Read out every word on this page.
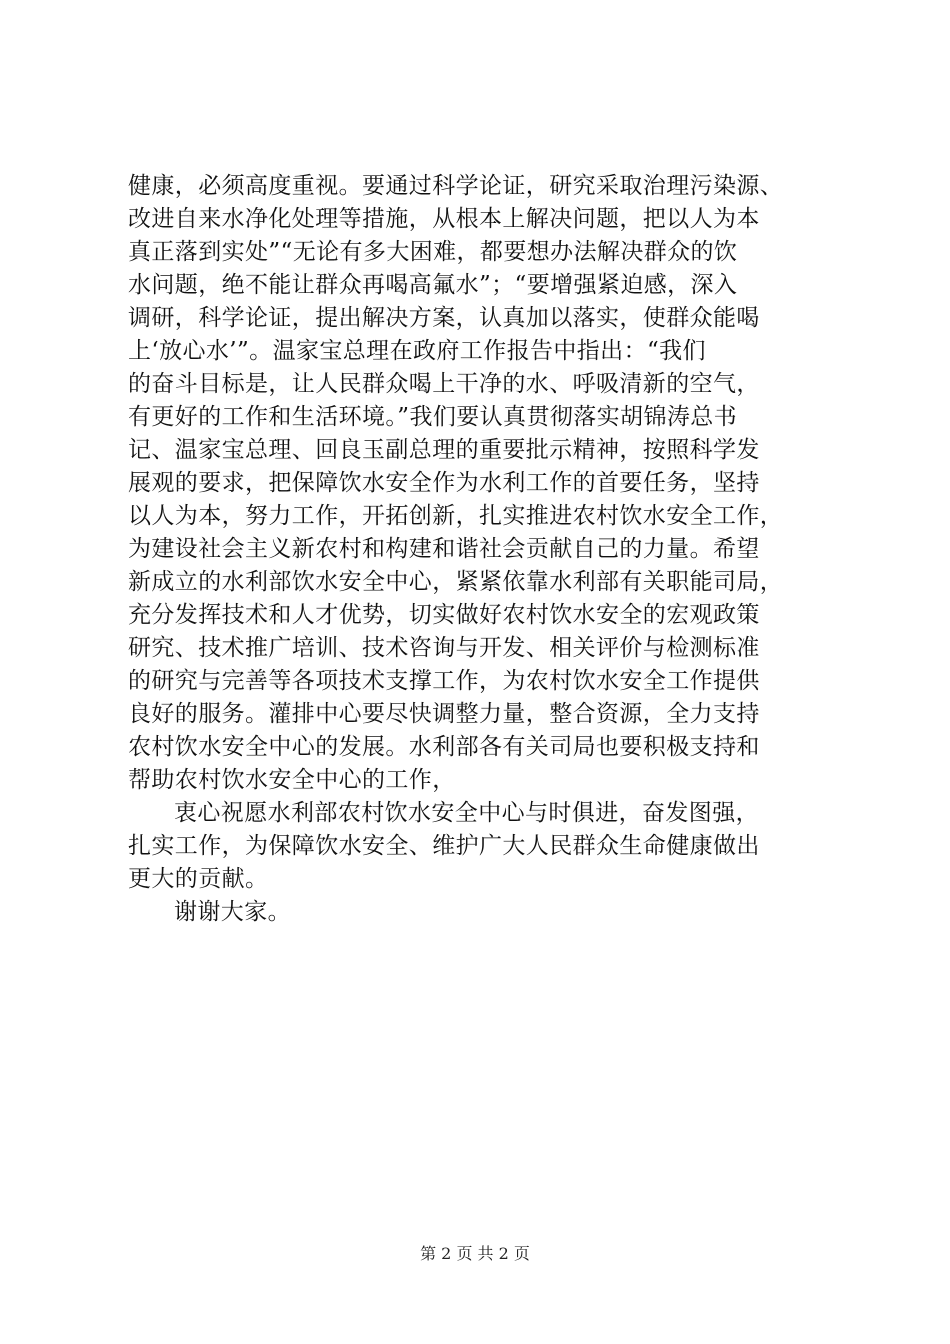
健康，必须高度重视。要通过科学论证，研究采取治理污染源、
改进自来水净化处理等措施，从根本上解决问题，把以人为本
真正落到实处”“无论有多大困难，都要想办法解决群众的饮
水问题，绝不能让群众再喝高氟水”；“要增强紧迫感，深入
调研，科学论证，提出解决方案，认真加以落实，使群众能喝
上‘放心水’”。温家宝总理在政府工作报告中指出：“我们
的奋斗目标是，让人民群众喝上干净的水、呼吸清新的空气，
有更好的工作和生活环境。”我们要认真贯彻落实胡锦涛总书
记、温家宝总理、回良玉副总理的重要批示精神，按照科学发
展观的要求，把保障饮水安全作为水利工作的首要任务，坚持
以人为本，努力工作，开拓创新，扎实推进农村饮水安全工作，
为建设社会主义新农村和构建和谐社会贡献自己的力量。希望
新成立的水利部饮水安全中心，紧紧依靠水利部有关职能司局，
充分发挥技术和人才优势，切实做好农村饮水安全的宏观政策
研究、技术推广培训、技术咨询与开发、相关评价与检测标准
的研究与完善等各项技术支撑工作，为农村饮水安全工作提供
良好的服务。灌排中心要尽快调整力量，整合资源，全力支持
农村饮水安全中心的发展。水利部各有关司局也要积极支持和
帮助农村饮水安全中心的工作，
衷心祝愿水利部农村饮水安全中心与时俱进，奋发图强，
扎实工作，为保障饮水安全、维护广大人民群众生命健康做出
更大的贡献。
谢谢大家。
第 2 页 共 2 页
